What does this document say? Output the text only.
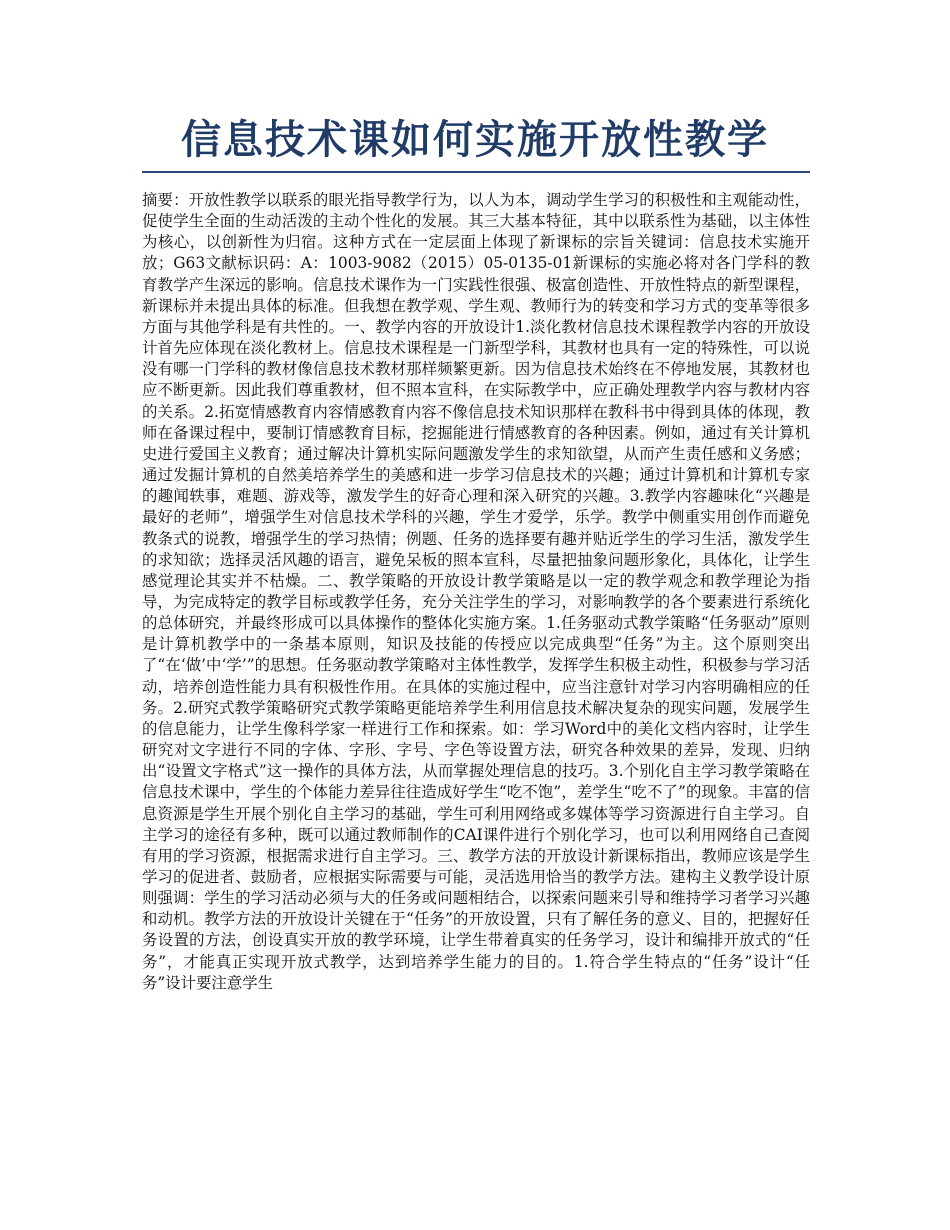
信息技术课如何实施开放性教学

摘要：开放性教学以联系的眼光指导教学行为，以人为本，调动学生学习的积极性和主观能动性，促使学生全面的生动活泼的主动个性化的发展。其三大基本特征，其中以联系性为基础，以主体性为核心，以创新性为归宿。这种方式在一定层面上体现了新课标的宗旨关键词：信息技术实施开放；G63文献标识码：A：1003-9082（2015）05-0135-01新课标的实施必将对各门学科的教育教学产生深远的影响。信息技术课作为一门实践性很强、极富创造性、开放性特点的新型课程，新课标并未提出具体的标准。但我想在教学观、学生观、教师行为的转变和学习方式的变革等很多方面与其他学科是有共性的。一、教学内容的开放设计1.淡化教材信息技术课程教学内容的开放设计首先应体现在淡化教材上。信息技术课程是一门新型学科，其教材也具有一定的特殊性，可以说没有哪一门学科的教材像信息技术教材那样频繁更新。因为信息技术始终在不停地发展，其教材也应不断更新。因此我们尊重教材，但不照本宣科，在实际教学中，应正确处理教学内容与教材内容的关系。2.拓宽情感教育内容情感教育内容不像信息技术知识那样在教科书中得到具体的体现，教师在备课过程中，要制订情感教育目标，挖掘能进行情感教育的各种因素。例如，通过有关计算机史进行爱国主义教育；通过解决计算机实际问题激发学生的求知欲望，从而产生责任感和义务感；通过发掘计算机的自然美培养学生的美感和进一步学习信息技术的兴趣；通过计算机和计算机专家的趣闻轶事，难题、游戏等，激发学生的好奇心理和深入研究的兴趣。3.教学内容趣味化“兴趣是最好的老师”，增强学生对信息技术学科的兴趣，学生才爱学，乐学。教学中侧重实用创作而避免教条式的说教，增强学生的学习热情；例题、任务的选择要有趣并贴近学生的学习生活，激发学生的求知欲；选择灵活风趣的语言，避免呆板的照本宣科，尽量把抽象问题形象化，具体化，让学生感觉理论其实并不枯燥。二、教学策略的开放设计教学策略是以一定的教学观念和教学理论为指导，为完成特定的教学目标或教学任务，充分关注学生的学习，对影响教学的各个要素进行系统化的总体研究，并最终形成可以具体操作的整体化实施方案。1.任务驱动式教学策略“任务驱动”原则是计算机教学中的一条基本原则，知识及技能的传授应以完成典型“任务”为主。这个原则突出了“在‘做’中‘学’”的思想。任务驱动教学策略对主体性教学，发挥学生积极主动性，积极参与学习活动，培养创造性能力具有积极性作用。在具体的实施过程中，应当注意针对学习内容明确相应的任务。2.研究式教学策略研究式教学策略更能培养学生利用信息技术解决复杂的现实问题，发展学生的信息能力，让学生像科学家一样进行工作和探索。如：学习Word中的美化文档内容时，让学生研究对文字进行不同的字体、字形、字号、字色等设置方法，研究各种效果的差异，发现、归纳出“设置文字格式”这一操作的具体方法，从而掌握处理信息的技巧。3.个别化自主学习教学策略在信息技术课中，学生的个体能力差异往往造成好学生“吃不饱”，差学生“吃不了”的现象。丰富的信息资源是学生开展个别化自主学习的基础，学生可利用网络或多媒体等学习资源进行自主学习。自主学习的途径有多种，既可以通过教师制作的CAI课件进行个别化学习，也可以利用网络自己查阅有用的学习资源，根据需求进行自主学习。三、教学方法的开放设计新课标指出，教师应该是学生学习的促进者、鼓励者，应根据实际需要与可能，灵活选用恰当的教学方法。建构主义教学设计原则强调：学生的学习活动必须与大的任务或问题相结合，以探索问题来引导和维持学习者学习兴趣和动机。教学方法的开放设计关键在于“任务”的开放设置，只有了解任务的意义、目的，把握好任务设置的方法，创设真实开放的教学环境，让学生带着真实的任务学习，设计和编排开放式的“任务”，才能真正实现开放式教学，达到培养学生能力的目的。1.符合学生特点的“任务”设计“任务”设计要注意学生
